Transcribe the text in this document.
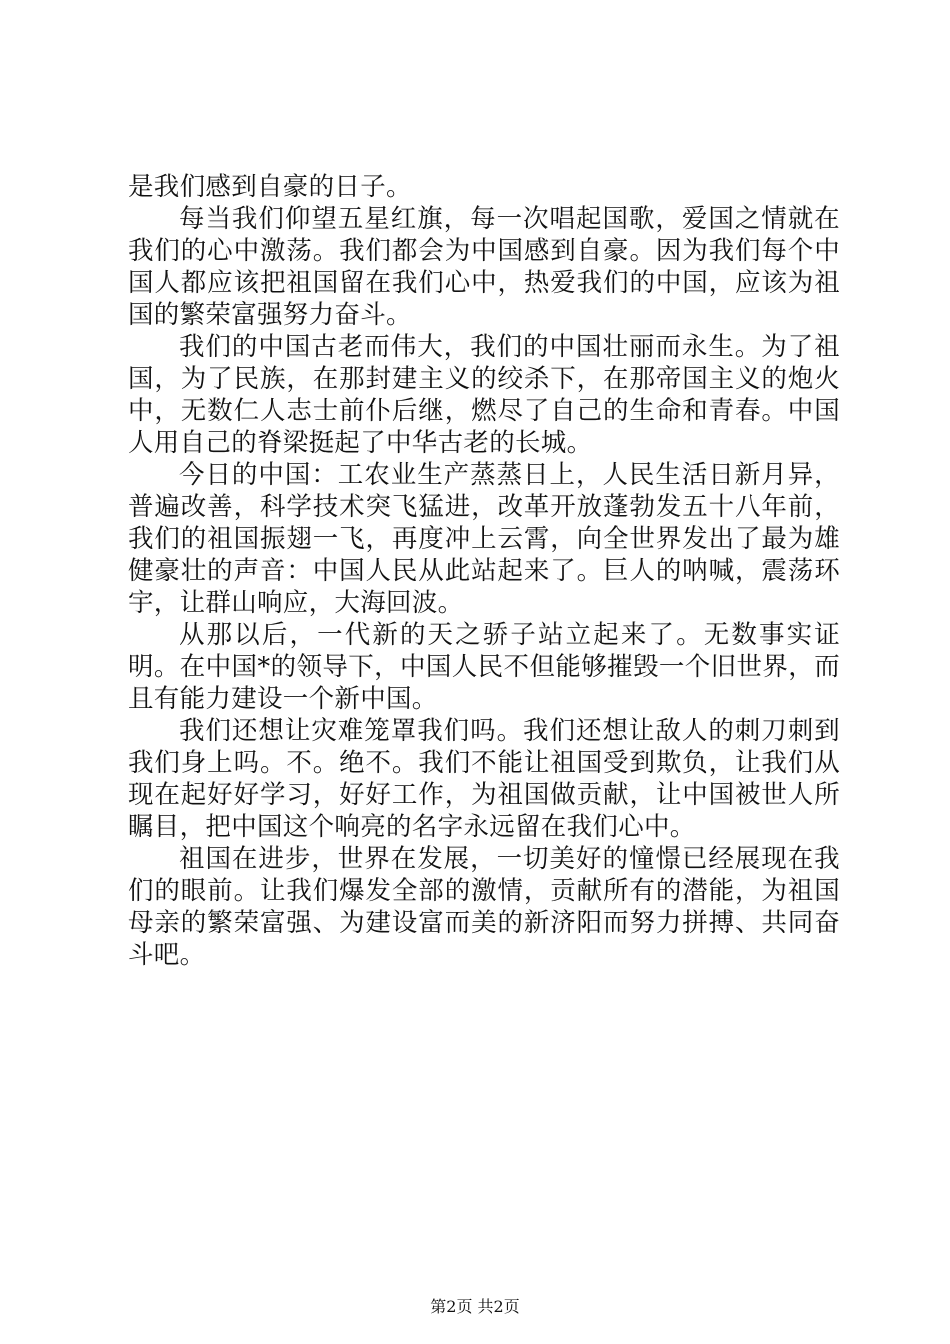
是我们感到自豪的日子。

每当我们仰望五星红旗，每一次唱起国歌，爱国之情就在我们的心中激荡。我们都会为中国感到自豪。因为我们每个中国人都应该把祖国留在我们心中，热爱我们的中国，应该为祖国的繁荣富强努力奋斗。

我们的中国古老而伟大，我们的中国壮丽而永生。为了祖国，为了民族，在那封建主义的绞杀下，在那帝国主义的炮火中，无数仁人志士前仆后继，燃尽了自己的生命和青春。中国人用自己的脊梁挺起了中华古老的长城。

今日的中国：工农业生产蒸蒸日上，人民生活日新月异，普遍改善，科学技术突飞猛进，改革开放蓬勃发五十八年前，我们的祖国振翅一飞，再度冲上云霄，向全世界发出了最为雄健豪壮的声音：中国人民从此站起来了。巨人的呐喊，震荡环宇，让群山响应，大海回波。

从那以后，一代新的天之骄子站立起来了。无数事实证明。在中国*的领导下，中国人民不但能够摧毁一个旧世界，而且有能力建设一个新中国。

我们还想让灾难笼罩我们吗。我们还想让敌人的刺刀刺到我们身上吗。不。绝不。我们不能让祖国受到欺负，让我们从现在起好好学习，好好工作，为祖国做贡献，让中国被世人所瞩目，把中国这个响亮的名字永远留在我们心中。

祖国在进步，世界在发展，一切美好的憧憬已经展现在我们的眼前。让我们爆发全部的激情，贡献所有的潜能，为祖国母亲的繁荣富强、为建设富而美的新济阳而努力拼搏、共同奋斗吧。

第2页 共2页
